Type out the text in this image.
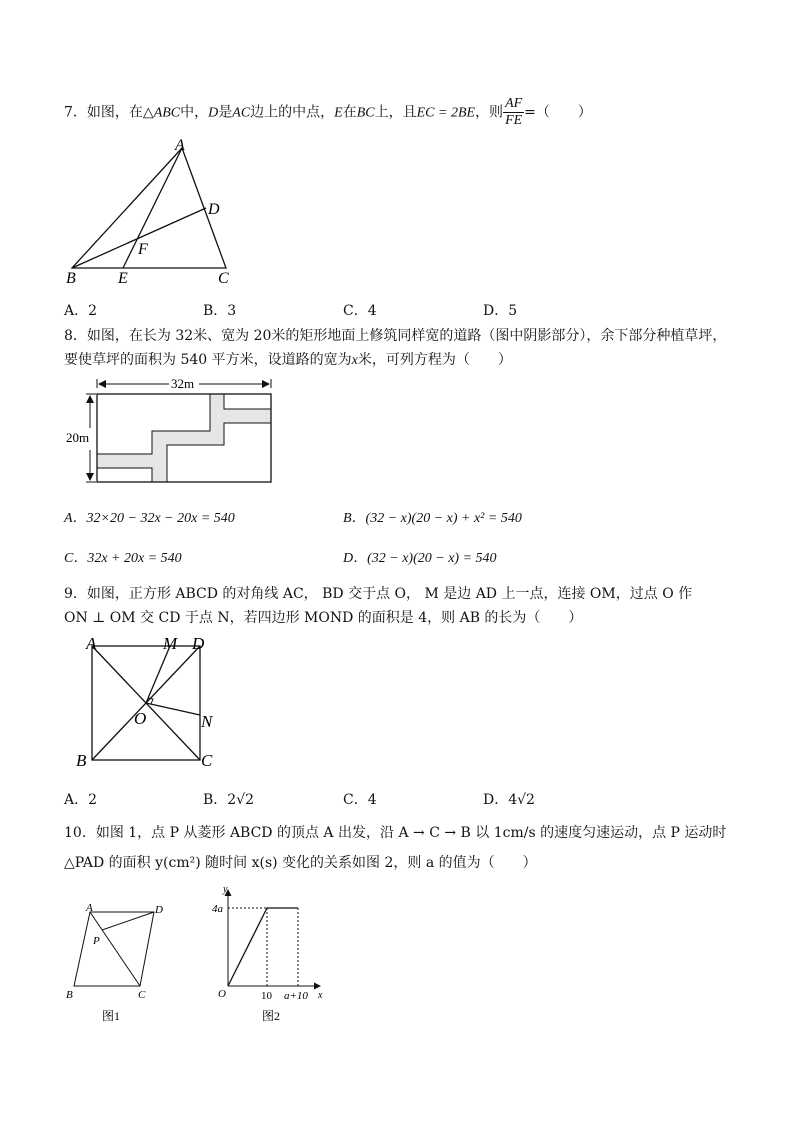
7．如图，在△ABC中，D是AC边上的中点，E在BC上，且EC = 2BE，则 $\frac{AF}{FE}$ =（　　）
A
B	C
D
E
F
A．2	B．3	C．4	D．5
8．如图，在长为 32米、宽为 20米的矩形地面上修筑同样宽的道路（图中阴影部分），余下部分种植草坪，
要使草坪的面积为 540 平方米，设道路的宽为x米，可列方程为（　　）
32m
20m
A．32×20 − 32x − 20x = 540	B．(32 − x)(20 − x) + x² = 540
C．32x + 20x = 540	D．(32 − x)(20 − x) = 540
9．如图，正方形 ABCD 的对角线 AC， BD 交于点 O， M 是边 AD 上一点，连接 OM，过点 O 作
ON ⊥ OM 交 CD 于点 N，若四边形 MOND 的面积是 4，则 AB 的长为（　　）
A	M D
N
O
B	C
A．2	B．2√2	C．4	D．4√2
10．如图 1，点 P 从菱形 ABCD 的顶点 A 出发，沿 A → C → B 以 1cm/s 的速度匀速运动，点 P 运动时
△PAD 的面积 y(cm²) 随时间 x(s) 变化的关系如图 2，则 a 的值为（　　）
A	D
P
B	C
图1
y
4a
O	10 a+10 x
图2
